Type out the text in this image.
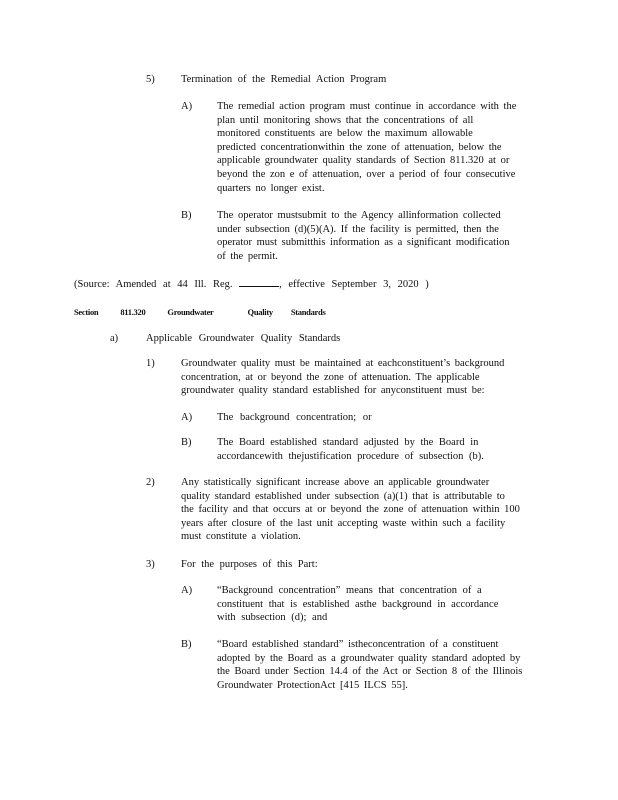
5)	Termination of the Remedial Action Program
A) The remedial action program must continue in accordance with the
plan until monitoring shows that the concentrations of all
monitored constituents are below the maximum allowable
predicted concentrationwithin the zone of attenuation, below the
applicable groundwater quality standards of Section 811.320 at or
beyond the zon e of attenuation, over a period of four consecutive
quarters no longer exist.
B) The operator mustsubmit to the Agency allinformation collected
under subsection (d)(5)(A). If the facility is permitted, then the
operator must submitthis information as a significant modification
of the permit.
(Source: Amended at 44 Ill. Reg.	, effective September 3, 2020 )
Section	811.320	Groundwater	Quality Standards
a)	Applicable Groundwater Quality Standards
1)	Groundwater quality must be maintained at eachconstituent’s background
concentration, at or beyond the zone of attenuation. The applicable
groundwater quality standard established for anyconstituent must be:
A) The background concentration; or
B) The Board established standard adjusted by the Board in
accordancewith thejustification procedure of subsection (b).
2)	Any statistically significant increase above an applicable groundwater
quality standard established under subsection (a)(1) that is attributable to
the facility and that occurs at or beyond the zone of attenuation within 100
years after closure of the last unit accepting waste within such a facility
must constitute a violation.
3)	For the purposes of this Part:
A) “Background concentration” means that concentration of a
constituent that is established asthe background in accordance
with subsection (d); and
B) “Board established standard” istheconcentration of a constituent
adopted by the Board as a groundwater quality standard adopted by
the Board under Section 14.4 of the Act or Section 8 of the Illinois
Groundwater ProtectionAct [415 ILCS 55].
